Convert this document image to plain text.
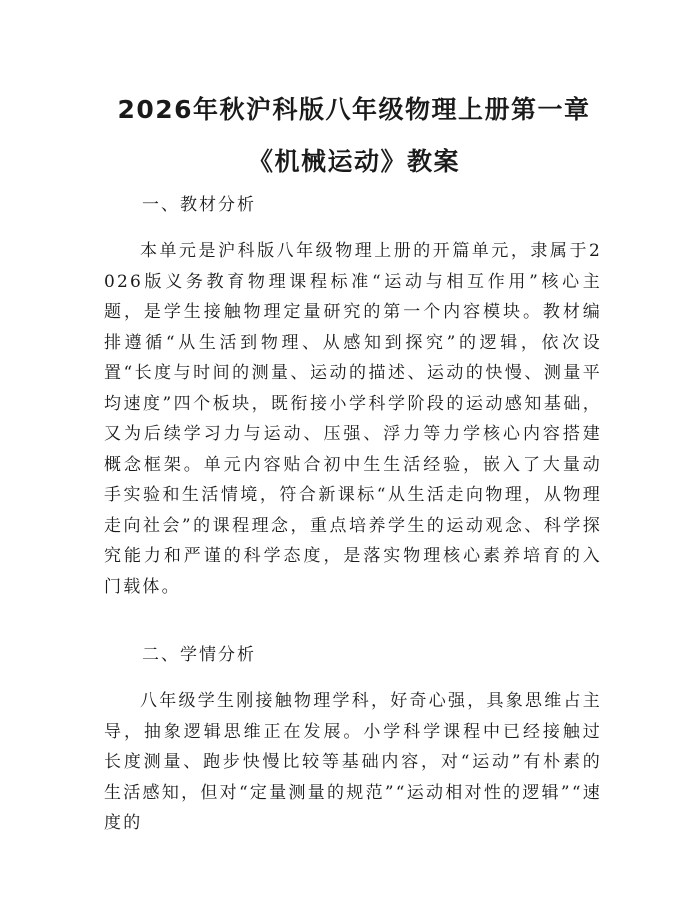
2026年秋沪科版八年级物理上册第一章《机械运动》教案

一、教材分析

本单元是沪科版八年级物理上册的开篇单元，隶属于2026版义务教育物理课程标准“运动与相互作用”核心主题，是学生接触物理定量研究的第一个内容模块。教材编排遵循“从生活到物理、从感知到探究”的逻辑，依次设置“长度与时间的测量、运动的描述、运动的快慢、测量平均速度”四个板块，既衔接小学科学阶段的运动感知基础，又为后续学习力与运动、压强、浮力等力学核心内容搭建概念框架。单元内容贴合初中生生活经验，嵌入了大量动手实验和生活情境，符合新课标“从生活走向物理，从物理走向社会”的课程理念，重点培养学生的运动观念、科学探究能力和严谨的科学态度，是落实物理核心素养培育的入门载体。

二、学情分析

八年级学生刚接触物理学科，好奇心强，具象思维占主导，抽象逻辑思维正在发展。小学科学课程中已经接触过长度测量、跑步快慢比较等基础内容，对“运动”有朴素的生活感知，但对“定量测量的规范”“运动相对性的逻辑”“速度的
